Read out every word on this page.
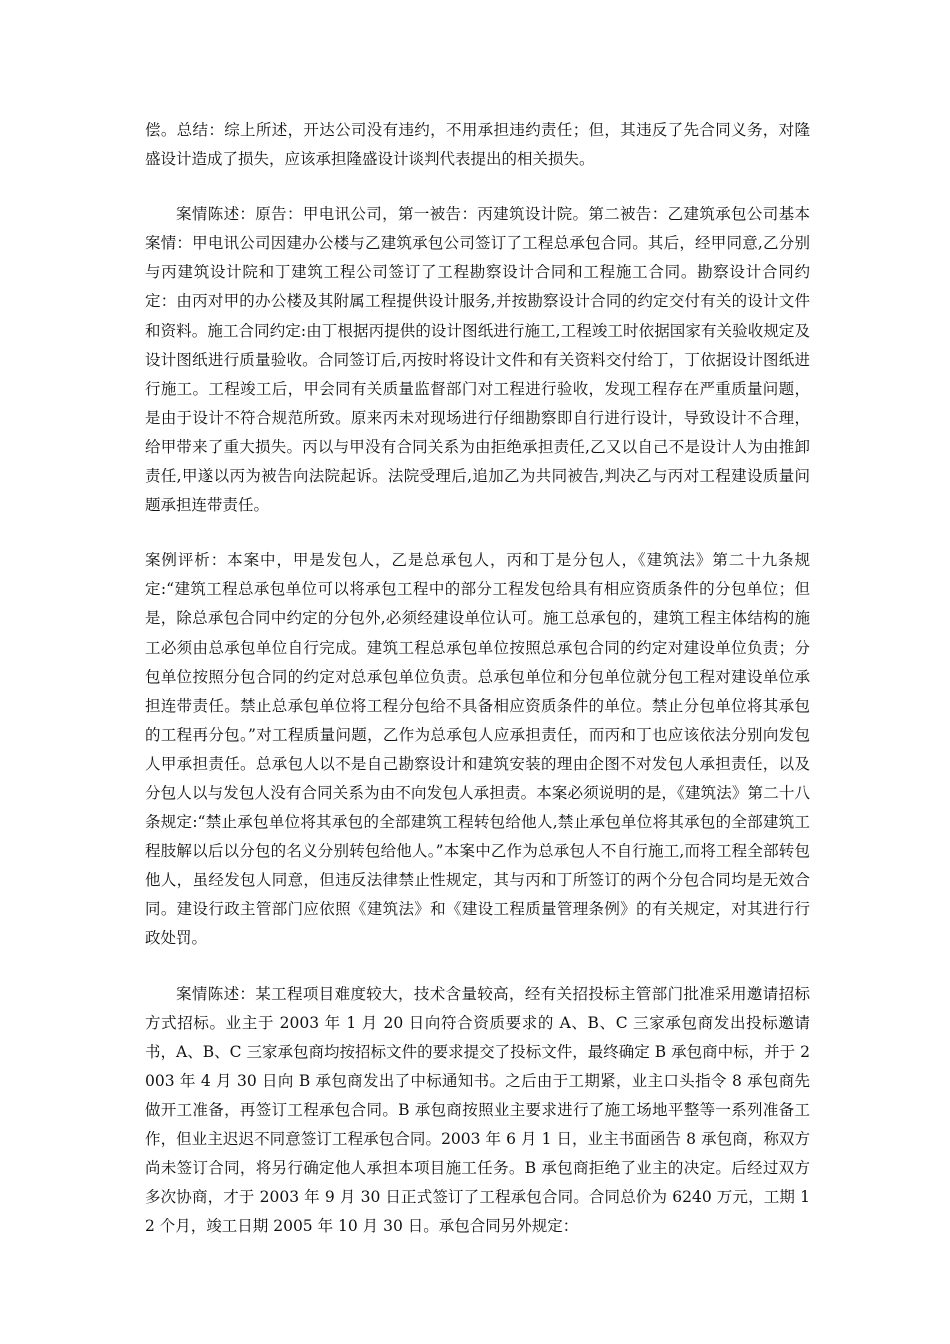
偿。总结：综上所述，开达公司没有违约，不用承担违约责任；但，其违反了先合同义务，对隆盛设计造成了损失，应该承担隆盛设计谈判代表提出的相关损失。

案情陈述：原告：甲电讯公司，第一被告：丙建筑设计院。第二被告：乙建筑承包公司基本案情：甲电讯公司因建办公楼与乙建筑承包公司签订了工程总承包合同。其后，经甲同意,乙分别与丙建筑设计院和丁建筑工程公司签订了工程勘察设计合同和工程施工合同。勘察设计合同约定：由丙对甲的办公楼及其附属工程提供设计服务,并按勘察设计合同的约定交付有关的设计文件和资料。施工合同约定:由丁根据丙提供的设计图纸进行施工,工程竣工时依据国家有关验收规定及设计图纸进行质量验收。合同签订后,丙按时将设计文件和有关资料交付给丁，丁依据设计图纸进行施工。工程竣工后，甲会同有关质量监督部门对工程进行验收，发现工程存在严重质量问题，是由于设计不符合规范所致。原来丙未对现场进行仔细勘察即自行进行设计，导致设计不合理，给甲带来了重大损失。丙以与甲没有合同关系为由拒绝承担责任,乙又以自己不是设计人为由推卸责任,甲遂以丙为被告向法院起诉。法院受理后,追加乙为共同被告,判决乙与丙对工程建设质量问题承担连带责任。

案例评析：本案中，甲是发包人，乙是总承包人，丙和丁是分包人，《建筑法》第二十九条规定:“建筑工程总承包单位可以将承包工程中的部分工程发包给具有相应资质条件的分包单位；但是，除总承包合同中约定的分包外,必须经建设单位认可。施工总承包的，建筑工程主体结构的施工必须由总承包单位自行完成。建筑工程总承包单位按照总承包合同的约定对建设单位负责；分包单位按照分包合同的约定对总承包单位负责。总承包单位和分包单位就分包工程对建设单位承担连带责任。禁止总承包单位将工程分包给不具备相应资质条件的单位。禁止分包单位将其承包的工程再分包。”对工程质量问题，乙作为总承包人应承担责任，而丙和丁也应该依法分别向发包人甲承担责任。总承包人以不是自己勘察设计和建筑安装的理由企图不对发包人承担责任，以及分包人以与发包人没有合同关系为由不向发包人承担责。本案必须说明的是，《建筑法》第二十八条规定:“禁止承包单位将其承包的全部建筑工程转包给他人,禁止承包单位将其承包的全部建筑工程肢解以后以分包的名义分别转包给他人。”本案中乙作为总承包人不自行施工,而将工程全部转包他人，虽经发包人同意，但违反法律禁止性规定，其与丙和丁所签订的两个分包合同均是无效合同。建设行政主管部门应依照《建筑法》和《建设工程质量管理条例》的有关规定，对其进行行政处罚。

案情陈述：某工程项目难度较大，技术含量较高，经有关招投标主管部门批准采用邀请招标方式招标。业主于 2003 年 1 月 20 日向符合资质要求的 A、B、C 三家承包商发出投标邀请书，A、B、C 三家承包商均按招标文件的要求提交了投标文件，最终确定 B 承包商中标，并于 2003 年 4 月 30 日向 B 承包商发出了中标通知书。之后由于工期紧，业主口头指令 8 承包商先做开工准备，再签订工程承包合同。B 承包商按照业主要求进行了施工场地平整等一系列准备工作，但业主迟迟不同意签订工程承包合同。2003 年 6 月 1 日，业主书面函告 8 承包商，称双方尚未签订合同，将另行确定他人承担本项目施工任务。B 承包商拒绝了业主的决定。后经过双方多次协商，才于 2003 年 9 月 30 日正式签订了工程承包合同。合同总价为 6240 万元，工期 12 个月，竣工日期 2005 年 10 月 30 日。承包合同另外规定：
